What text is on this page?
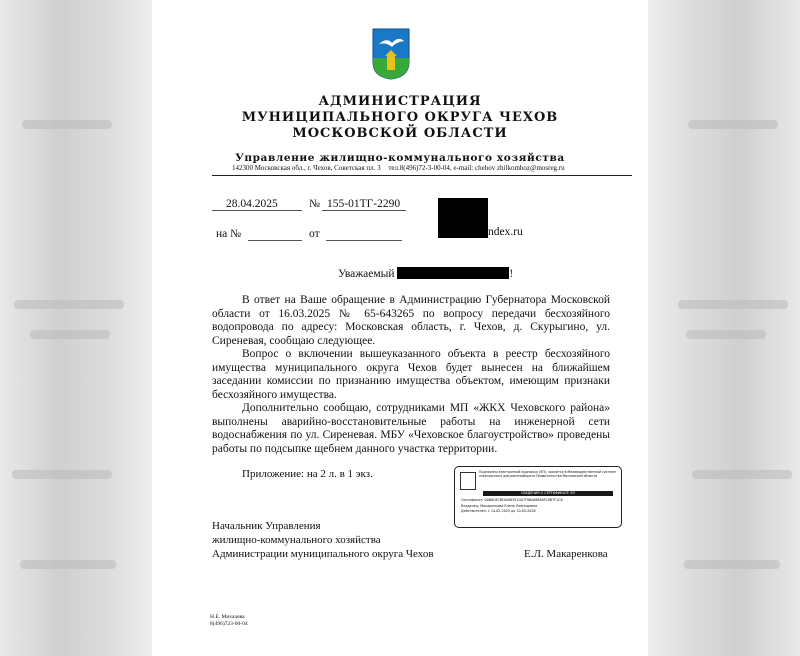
АДМИНИСТРАЦИЯ
МУНИЦИПАЛЬНОГО ОКРУГА ЧЕХОВ
МОСКОВСКОЙ ОБЛАСТИ
Управление жилищно-коммунального хозяйства
142300 Московская обл., г. Чехов, Советская пл. 3 тел.8(496)72-3-00-04, e-mail: chehov zhilkomhoz@mosreg.ru
28.04.2025	№ 155-01ТГ-2290
на №	от	ndex.ru
Уважаемый	!

В ответ на Ваше обращение в Администрацию Губернатора Московской области от 16.03.2025 № 65-643265 по вопросу передачи бесхозяйного водопровода по адресу: Московская область, г. Чехов, д. Скурыгино, ул. Сиреневая, сообщаю следующее.

Вопрос о включении вышеуказанного объекта в реестр бесхозяйного имущества муниципального округа Чехов будет вынесен на ближайшем заседании комиссии по признанию имущества объектом, имеющим признаки бесхозяйного имущества.

Дополнительно сообщаю, сотрудниками МП «ЖКХ Чеховского района» выполнены аварийно-восстановительные работы на инженерной сети водоснабжения по ул. Сиреневая. МБУ «Чеховское благоустройство» проведены работы по подсыпке щебнем данного участка территории.

Приложение: на 2 л. в 1 экз.	Подписано электронной подписью (ЭП), хранится в Межведомственной системе электронного документооборота Правительства Московской области
СВЕДЕНИЯ О СЕРТИФИКАТЕ ЭП
Сертификат: 00B8C8CBFA0963910A7F9BAB8FA6F29B7F1C8
Владелец: Макаренкова Елена Леонидовна
Действителен: с 14-02-2025 до 10-05-2026
Начальник Управления
жилищно-коммунального хозяйства
Администрации муниципального округа Чехов	Е.Л. Макаренкова
Н.Е. Михалева
8(496)723-00-04
